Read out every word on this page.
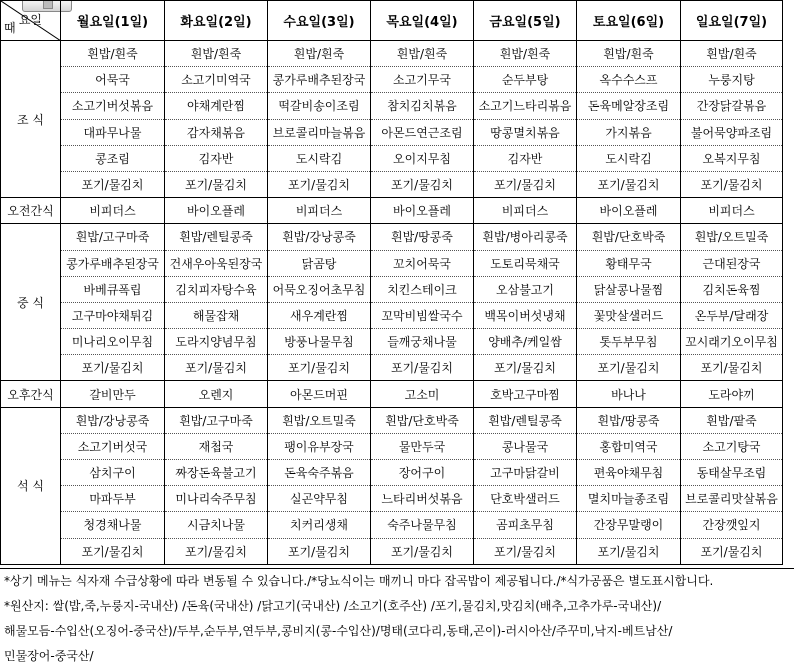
요일
때	월요일(1일)	화요일(2일)	수요일(3일)	목요일(4일)	금요일(5일)	토요일(6일)	일요일(7일)
조 식	흰밥/흰죽	흰밥/흰죽	흰밥/흰죽	흰밥/흰죽	흰밥/흰죽	흰밥/흰죽	흰밥/흰죽
	어묵국	소고기미역국	콩가루배추된장국	소고기무국	순두부탕	옥수수스프	누룽지탕
	소고기버섯볶음	야채계란찜	떡갈비송이조림	참치김치볶음	소고기느타리볶음	돈육메알장조림	간장닭갈볶음
	대파무나물	감자채볶음	브로콜리마늘볶음	아몬드연근조림	땅콩멸치볶음	가지볶음	불어묵양파조림
	콩조림	김자반	도시락김	오이지무침	김자반	도시락김	오복지무침
	포기/물김치	포기/물김치	포기/물김치	포기/물김치	포기/물김치	포기/물김치	포기/물김치
오전간식	비피더스	바이오플레	비피더스	바이오플레	비피더스	바이오플레	비피더스
중 식	흰밥/고구마죽	흰밥/렌틸콩죽	흰밥/강낭콩죽	흰밥/땅콩죽	흰밥/병아리콩죽	흰밥/단호박죽	흰밥/오트밀죽
	콩가루배추된장국	건새우아욱된장국	닭곰탕	꼬치어묵국	도토리묵채국	황태무국	근대된장국
	바베큐폭립	김치피자탕수육	어묵오징어초무침	치킨스테이크	오삼불고기	닭살콩나물찜	김치돈육찜
	고구마야채튀김	해물잡채	새우계란찜	꼬막비빔쌀국수	백목이버섯냉채	꽃맛살샐러드	온두부/달래장
	미나리오이무침	도라지양념무침	방풍나물무침	들깨궁채나물	양배추/케일쌈	톳두부무침	꼬시래기오이무침
	포기/물김치	포기/물김치	포기/물김치	포기/물김치	포기/물김치	포기/물김치	포기/물김치
오후간식	갈비만두	오렌지	아몬드머핀	고소미	호박고구마찜	바나나	도라야끼
석 식	흰밥/강낭콩죽	흰밥/고구마죽	흰밥/오트밀죽	흰밥/단호박죽	흰밥/렌틸콩죽	흰밥/땅콩죽	흰밥/팥죽
	소고기버섯국	재첩국	팽이유부장국	물만두국	콩나물국	홍합미역국	소고기탕국
	삼치구이	짜장돈육불고기	돈육숙주볶음	장어구이	고구마닭갈비	편육야채무침	동태살무조림
	마파두부	미나리숙주무침	실곤약무침	느타리버섯볶음	단호박샐러드	멸치마늘종조림	브로콜리맛살볶음
	청경채나물	시금치나물	치커리생채	숙주나물무침	곰피초무침	간장무말랭이	간장깻잎지
	포기/물김치	포기/물김치	포기/물김치	포기/물김치	포기/물김치	포기/물김치	포기/물김치
*상기 메뉴는 식자재 수급상황에 따라 변동될 수 있습니다./*당뇨식이는 매끼니 마다 잡곡밥이 제공됩니다./*식가공품은 별도표시합니다.
*원산지: 쌀(밥,죽,누룽지-국내산) /돈육(국내산) /닭고기(국내산) /소고기(호주산) /포기,물김치,맛김치(배추,고추가루-국내산)/
해물모듬-수입산(오징어-중국산)/두부,순두부,연두부,콩비지(콩-수입산)/명태(코다리,동태,곤이)-러시아산/주꾸미,낙지-베트남산/
민물장어-중국산/
